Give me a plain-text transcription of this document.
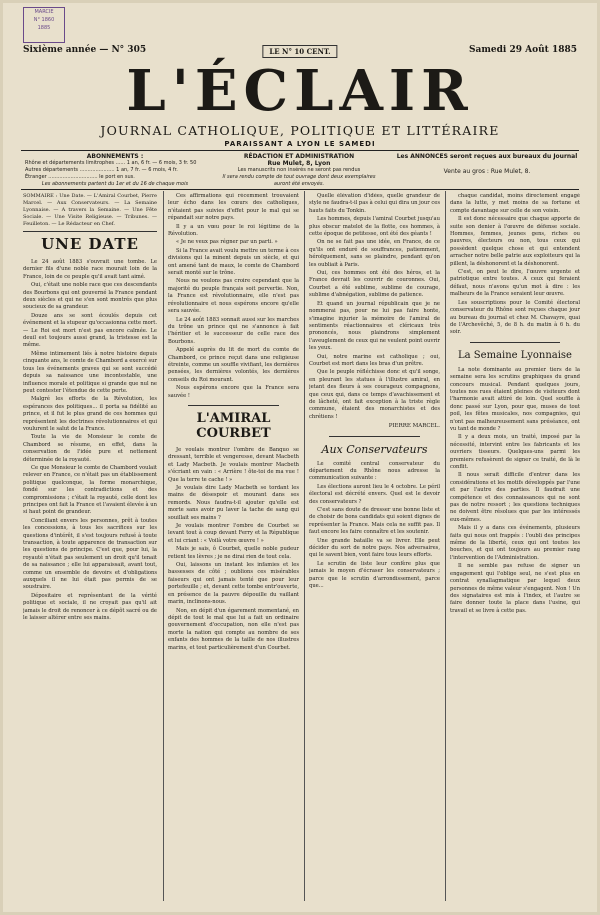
MARCIE
N° 1860
1885
Sixième année — N° 305	LE N° 10 CENT.	Samedi 29 Août 1885
L'ÉCLAIR
JOURNAL CATHOLIQUE, POLITIQUE ET LITTÉRAIRE
PARAISSANT A LYON LE SAMEDI
ABONNEMENTS :
Rhône et départements limitrophes ...... 1 an, 6 fr. — 6 mois, 3 fr. 50
Autres départements ...................... 1 an, 7 fr. — 6 mois, 4 fr.
Étranger ............................... le port en sus.
Les abonnements partent du 1er et du 16 de chaque mois
RÉDACTION ET ADMINISTRATION
Rue Mulet, 8, Lyon
Les manuscrits non insérés ne seront pas rendus
Il sera rendu compte de tout ouvrage dont deux exemplaires auront été envoyés.
Les ANNONCES seront reçues aux bureaux du Journal
Vente au gros : Rue Mulet, 8.
SOMMAIRE : Une Date. — L'Amiral Courbet, Pierre Marcel. — Aux Conservateurs. — La Semaine Lyonnaise. — A travers la Semaine. — Une Fête Sociale. — Une Visite Religieuse. — Tribunes. — Feuilleton. — Le Rédacteur en Chef.
UNE DATE

Le 24 août 1883 s'ouvrait une tombe. Le dernier fils d'une noble race mourait loin de la France, loin de ce peuple qu'il avait tant aimé.

Oui, c'était une noble race que ces descendants des Bourbons qui ont gouverné la France pendant deux siècles et qui ne s'en sont montrés que plus soucieux de sa grandeur.

Douze ans se sont écoulés depuis cet événement et la stupeur qu'occasionna cette mort. — Le Roi est mort n'est pas encore calmée. Le deuil est toujours aussi grand, la tristesse est la même.

Même intimement liés à notre histoire depuis cinquante ans, le comte de Chambord a exercé sur tous les événements graves qui se sont succédé depuis sa naissance une incontestable, une influence morale et politique si grande que nul ne peut contester l'étendue de cette perte.

Malgré les efforts de la Révolution, les espérances des politiques... il porta sa fidélité au prince, et il fut le plus grand de ces hommes qui représentent les doctrines révolutionnaires et qui voulurent le salut de la France.

Toute la vie de Monsieur le comte de Chambord se résume, en effet, dans la conservation de l'idée pure et nettement déterminée de la royauté.

Ce que Monsieur le comte de Chambord voulait relever en France, ce n'était pas un établissement politique quelconque, la forme monarchique, fondé sur les contradictions et des compromissions ; c'était la royauté, celle dont les principes ont fait la France et l'avaient élevée à un si haut point de grandeur.

Conciliant envers les personnes, prêt à toutes les concessions, à tous les sacrifices sur les questions d'intérêt, il s'est toujours refusé à toute transaction, à toute apparence de transaction sur les questions de principe. C'est que, pour lui, la royauté n'était pas seulement un droit qu'il tenait de sa naissance ; elle lui apparaissait, avant tout, comme un ensemble de devoirs et d'obligations auxquels il ne lui était pas permis de se soustraire.

Dépositaire et représentant de la vérité politique et sociale, il ne croyait pas qu'il ait jamais le droit de renoncer à ce dépôt sacré ou de le laisser altérer entre ses mains.

Ces affirmations qui récemment trouvaient leur écho dans les cœurs des catholiques, n'étaient pas suivies d'effet pour le mal qui se répandait sur notre pays.

Il y a un vœu pour le roi légitime de la Révolution.

« Je ne veux pas régner par un parti. »

Si la France avait voulu mettre un terme à ces divisions qui la minent depuis un siècle, et qui ont amené tant de maux, le comte de Chambord serait monté sur le trône.

Nous ne voulons pas croire cependant que la majorité du peuple français soit pervertie. Non, la France est révolutionnaire, elle n'est pas révolutionnaire et nous espérons encore qu'elle sera sauvée.

Le 24 août 1883 sonnait aussi sur les marches du trône un prince qui ne s'annonce à fait l'héritier et le successeur de celle race des Bourbons.

Appelé auprès du lit de mort du comte de Chambord, ce prince reçut dans une religieuse étreinte, comme un souffle vivifiant, les dernières pensées, les dernières volontés, les dernières conseils du Roi mourant.

Nous espérons encore que la France sera sauvée !

L'AMIRAL COURBET

Je voulais montrer l'ombre de Banquo se dressant, terrible et vengeresse, devant Macbeth et Lady Macbeth. Je voulais montrer Macbeth s'écriant en vain : « Arrière ! ôte-toi de ma vue ! Que la terre te cache ! »

Je voulais dire Lady Macbeth se tordant les mains de désespoir et mourant dans ses remords. Nous faudra-t-il ajouter qu'elle est morte sans avoir pu laver la tache de sang qui souillait ses mains ?

Je voulais montrer l'ombre de Courbet se levant tout à coup devant Ferry et la République et lui criant : « Voilà votre œuvre ! »

Mais je sais, ô Courbet, quelle noble pudeur retient tes lèvres ; je ne dirai rien de tout cela.

Oui, laissons un instant les infamies et les bassesses de côté ; oublions ces misérables faiseurs qui ont jamais tenté que pour leur portefeuille ; et, devant cette tombe entr'ouverte, en présence de la pauvre dépouille du vaillant marin, inclinons-nous.

Non, en dépit d'un égarement momentané, en dépit de tout le mal que lui a fait un ordinaire gouvernement d'occupation, non elle n'est pas morte la nation qui compte au nombre de ses enfants des hommes de la taille de nos illustres marins, et tout particulièrement d'un Courbet.

Quelle élévation d'idées, quelle grandeur de style ne faudra-t-il pas à celui qui dira un jour ces hauts faits du Tonkin.

Les hommes, depuis l'amiral Courbet jusqu'au plus obscur matelot de la flotte, ces hommes, à cette époque de petitesse, ont été des géants !

On ne se fait pas une idée, en France, de ce qu'ils ont enduré de souffrances, patiemment, héroïquement, sans se plaindre, pendant qu'on les oubliait à Paris.

Oui, ces hommes ont été des héros, et la France devrait les couvrir de couronnes. Oui, Courbet a été sublime, sublime de courage, sublime d'abnégation, sublime de patience.

Et quand un journal républicain que je ne nommerai pas, pour ne lui pas faire honte, s'imagine injurier la mémoire de l'amiral de sentiments réactionnaires et cléricaux très prononcés, nous plaindrons simplement l'aveuglement de ceux qui ne veulent point ouvrir les yeux.

Oui, notre marine est catholique ; oui, Courbet est mort dans les bras d'un prêtre.

Que le peuple réfléchisse donc et qu'il songe, en pleurant les statues à l'illustre amiral, en jetant des fleurs à ses courageux compagnons, que ceux qui, dans ce temps d'avachissement et de lâcheté, ont fait exception à la triste règle commune, étaient des monarchistes et des chrétiens !

PIERRE MARCEL.
Aux Conservateurs

Le comité central conservateur du département du Rhône nous adresse la communication suivante :

Les élections auront lieu le 4 octobre. Le péril électoral est décrété envers. Quel est le devoir des conservateurs ?

C'est sans doute de dresser une bonne liste et de choisir de bons candidats qui soient dignes de représenter la France. Mais cela ne suffit pas. Il faut encore les faire connaître et les soutenir.

Une grande bataille va se livrer. Elle peut décider du sort de notre pays. Nos adversaires, qui le savent bien, vont faire tous leurs efforts.

Le scrutin de liste leur confère plus que jamais le moyen d'écraser les conservateurs ; parce que le scrutin d'arrondissement, parce que...

chaque candidat, moins directement engagé dans la lutte, y met moins de sa fortune et compte davantage sur celle de son voisin.

Il est donc nécessaire que chaque apporte de suite son denier à l'œuvre de défense sociale. Hommes, femmes, jeunes gens, riches ou pauvres, électeurs ou non, tous ceux qui possèdent quelque chose et qui entendent arracher notre belle patrie aux exploiteurs qui la pillent, la déshonorent et la déshonorent.

C'est, on peut le dire, l'œuvre urgente et patriotique entre toutes. A ceux qui feraient défaut, nous n'avons qu'un mot à dire : les malheurs de la France seraient leur œuvre.

Les souscriptions pour le Comité électoral conservateur du Rhône sont reçues chaque jour au bureau du journal et chez M. Chavayre, quai de l'Archevêché, 5, de 8 h. du matin à 6 h. du soir.

La Semaine Lyonnaise

La note dominante au premier tiers de la semaine sera les scrutins graphiques du grand concours musical. Pendant quelques jours, toutes nos rues étaient pleines de visiteurs dont l'harmonie avait attiré de loin. Quel souffle à donc passé sur Lyon, pour que, muses de tout poil, les fêtes musicales, nos compagnies, qui n'ont pas malheureusement sans préséance, ont vu tant de monde ?

Il y a deux mois, un traité, imposé par la nécessité, intervint entre les fabricants et les ouvriers tisseurs. Quelques-uns parmi les premiers refusèrent de signer ce traité, de là le conflit.

Il nous serait difficile d'entrer dans les considérations et les motifs développés par l'une et par l'autre des parties. Il faudrait une compétence et des connaissances qui ne sont pas de notre ressort ; les questions techniques ne doivent être résolues que par les intéressés eux-mêmes.

Mais il y a dans ces événements, plusieurs faits qui nous ont frappés : l'oubli des principes même de la liberté, ceux qui ont toutes les bouches, et qui ont toujours au premier rang l'intervention de l'Administration.

Il ne semble pas refuse de signer un engagement qui l'oblige seul, ne s'est plus en contrat synallagmatique par lequel deux personnes de même valeur s'engagent. Non ! Un des signataires est mis à l'index, et l'autre se faire donner toute la place dans l'usine, qui travail et se livre à cette pas.
